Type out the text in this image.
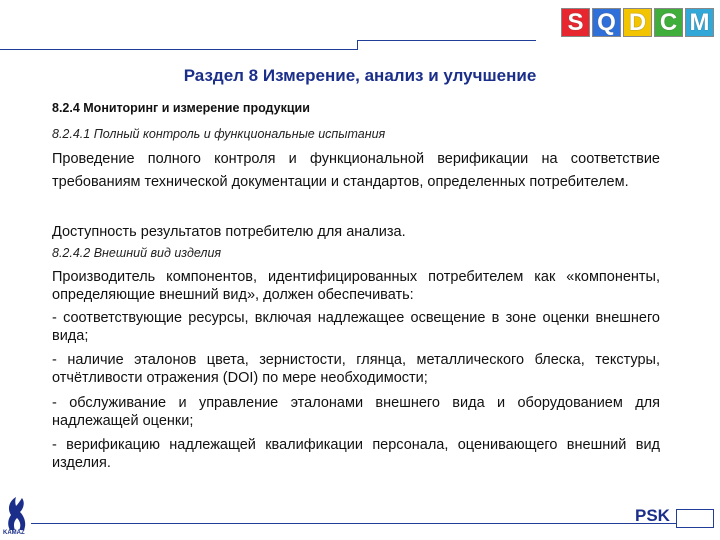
S Q D C M
Раздел 8 Измерение, анализ и улучшение
8.2.4 Мониторинг и измерение продукции
8.2.4.1 Полный контроль и функциональные испытания
Проведение полного контроля и функциональной верификации на соответствие требованиям технической документации и стандартов, определенных потребителем.
Доступность результатов потребителю для анализа.
8.2.4.2 Внешний вид изделия
Производитель компонентов, идентифицированных потребителем как «компоненты, определяющие внешний вид», должен обеспечивать:
- соответствующие ресурсы, включая надлежащее освещение в зоне оценки внешнего вида;
- наличие эталонов цвета, зернистости, глянца, металлического блеска, текстуры, отчётливости отражения (DOI) по мере необходимости;
- обслуживание и управление эталонами внешнего вида и оборудованием для надлежащей оценки;
- верификацию надлежащей квалификации персонала, оценивающего внешний вид изделия.
KAMAZ
PSK
